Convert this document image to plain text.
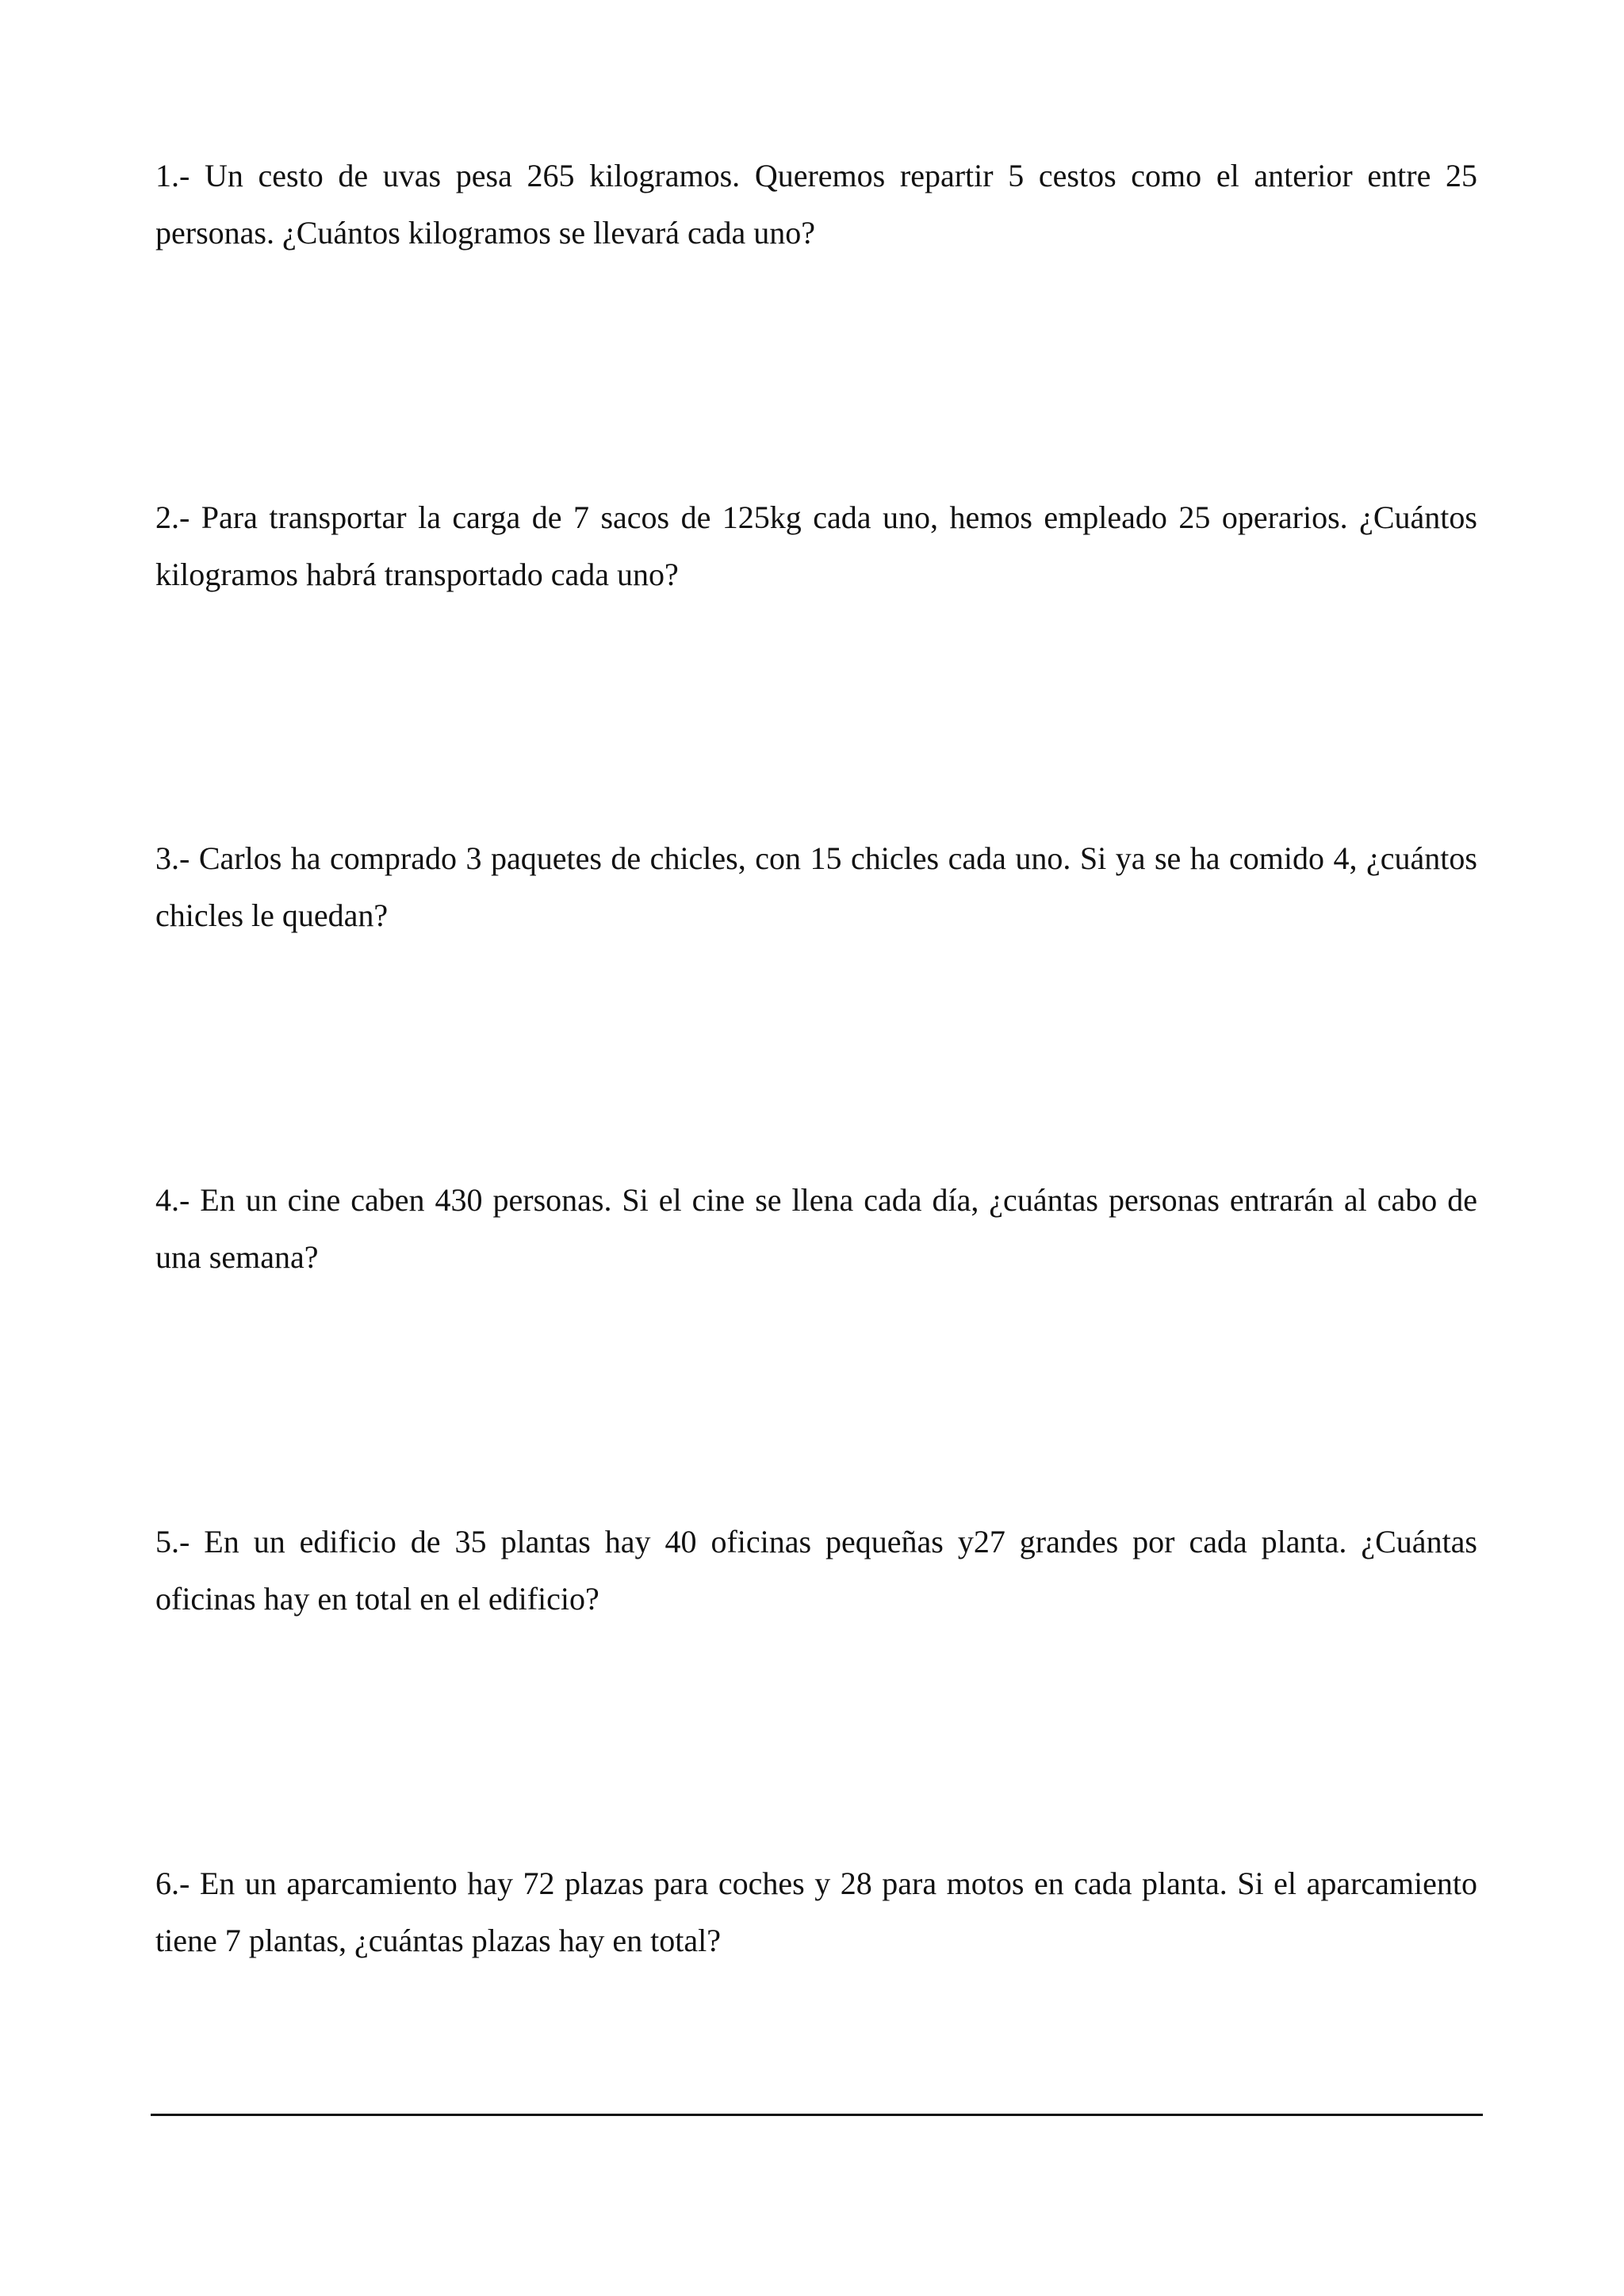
1.- Un cesto de uvas pesa 265 kilogramos. Queremos repartir 5 cestos como el anterior entre 25 personas. ¿Cuántos kilogramos se llevará cada uno?

2.- Para transportar la carga de 7 sacos de 125kg cada uno, hemos empleado 25 operarios. ¿Cuántos kilogramos habrá transportado cada uno?

3.- Carlos ha comprado 3 paquetes de chicles, con 15 chicles cada uno. Si ya se ha comido 4, ¿cuántos chicles le quedan?

4.- En un cine caben 430 personas. Si el cine se llena cada día, ¿cuántas personas entrarán al cabo de una semana?

5.- En un edificio de 35 plantas hay 40 oficinas pequeñas y27 grandes por cada planta. ¿Cuántas oficinas hay en total en el edificio?

6.- En un aparcamiento hay 72 plazas para coches y 28 para motos en cada planta. Si el aparcamiento tiene 7 plantas, ¿cuántas plazas hay en total?
